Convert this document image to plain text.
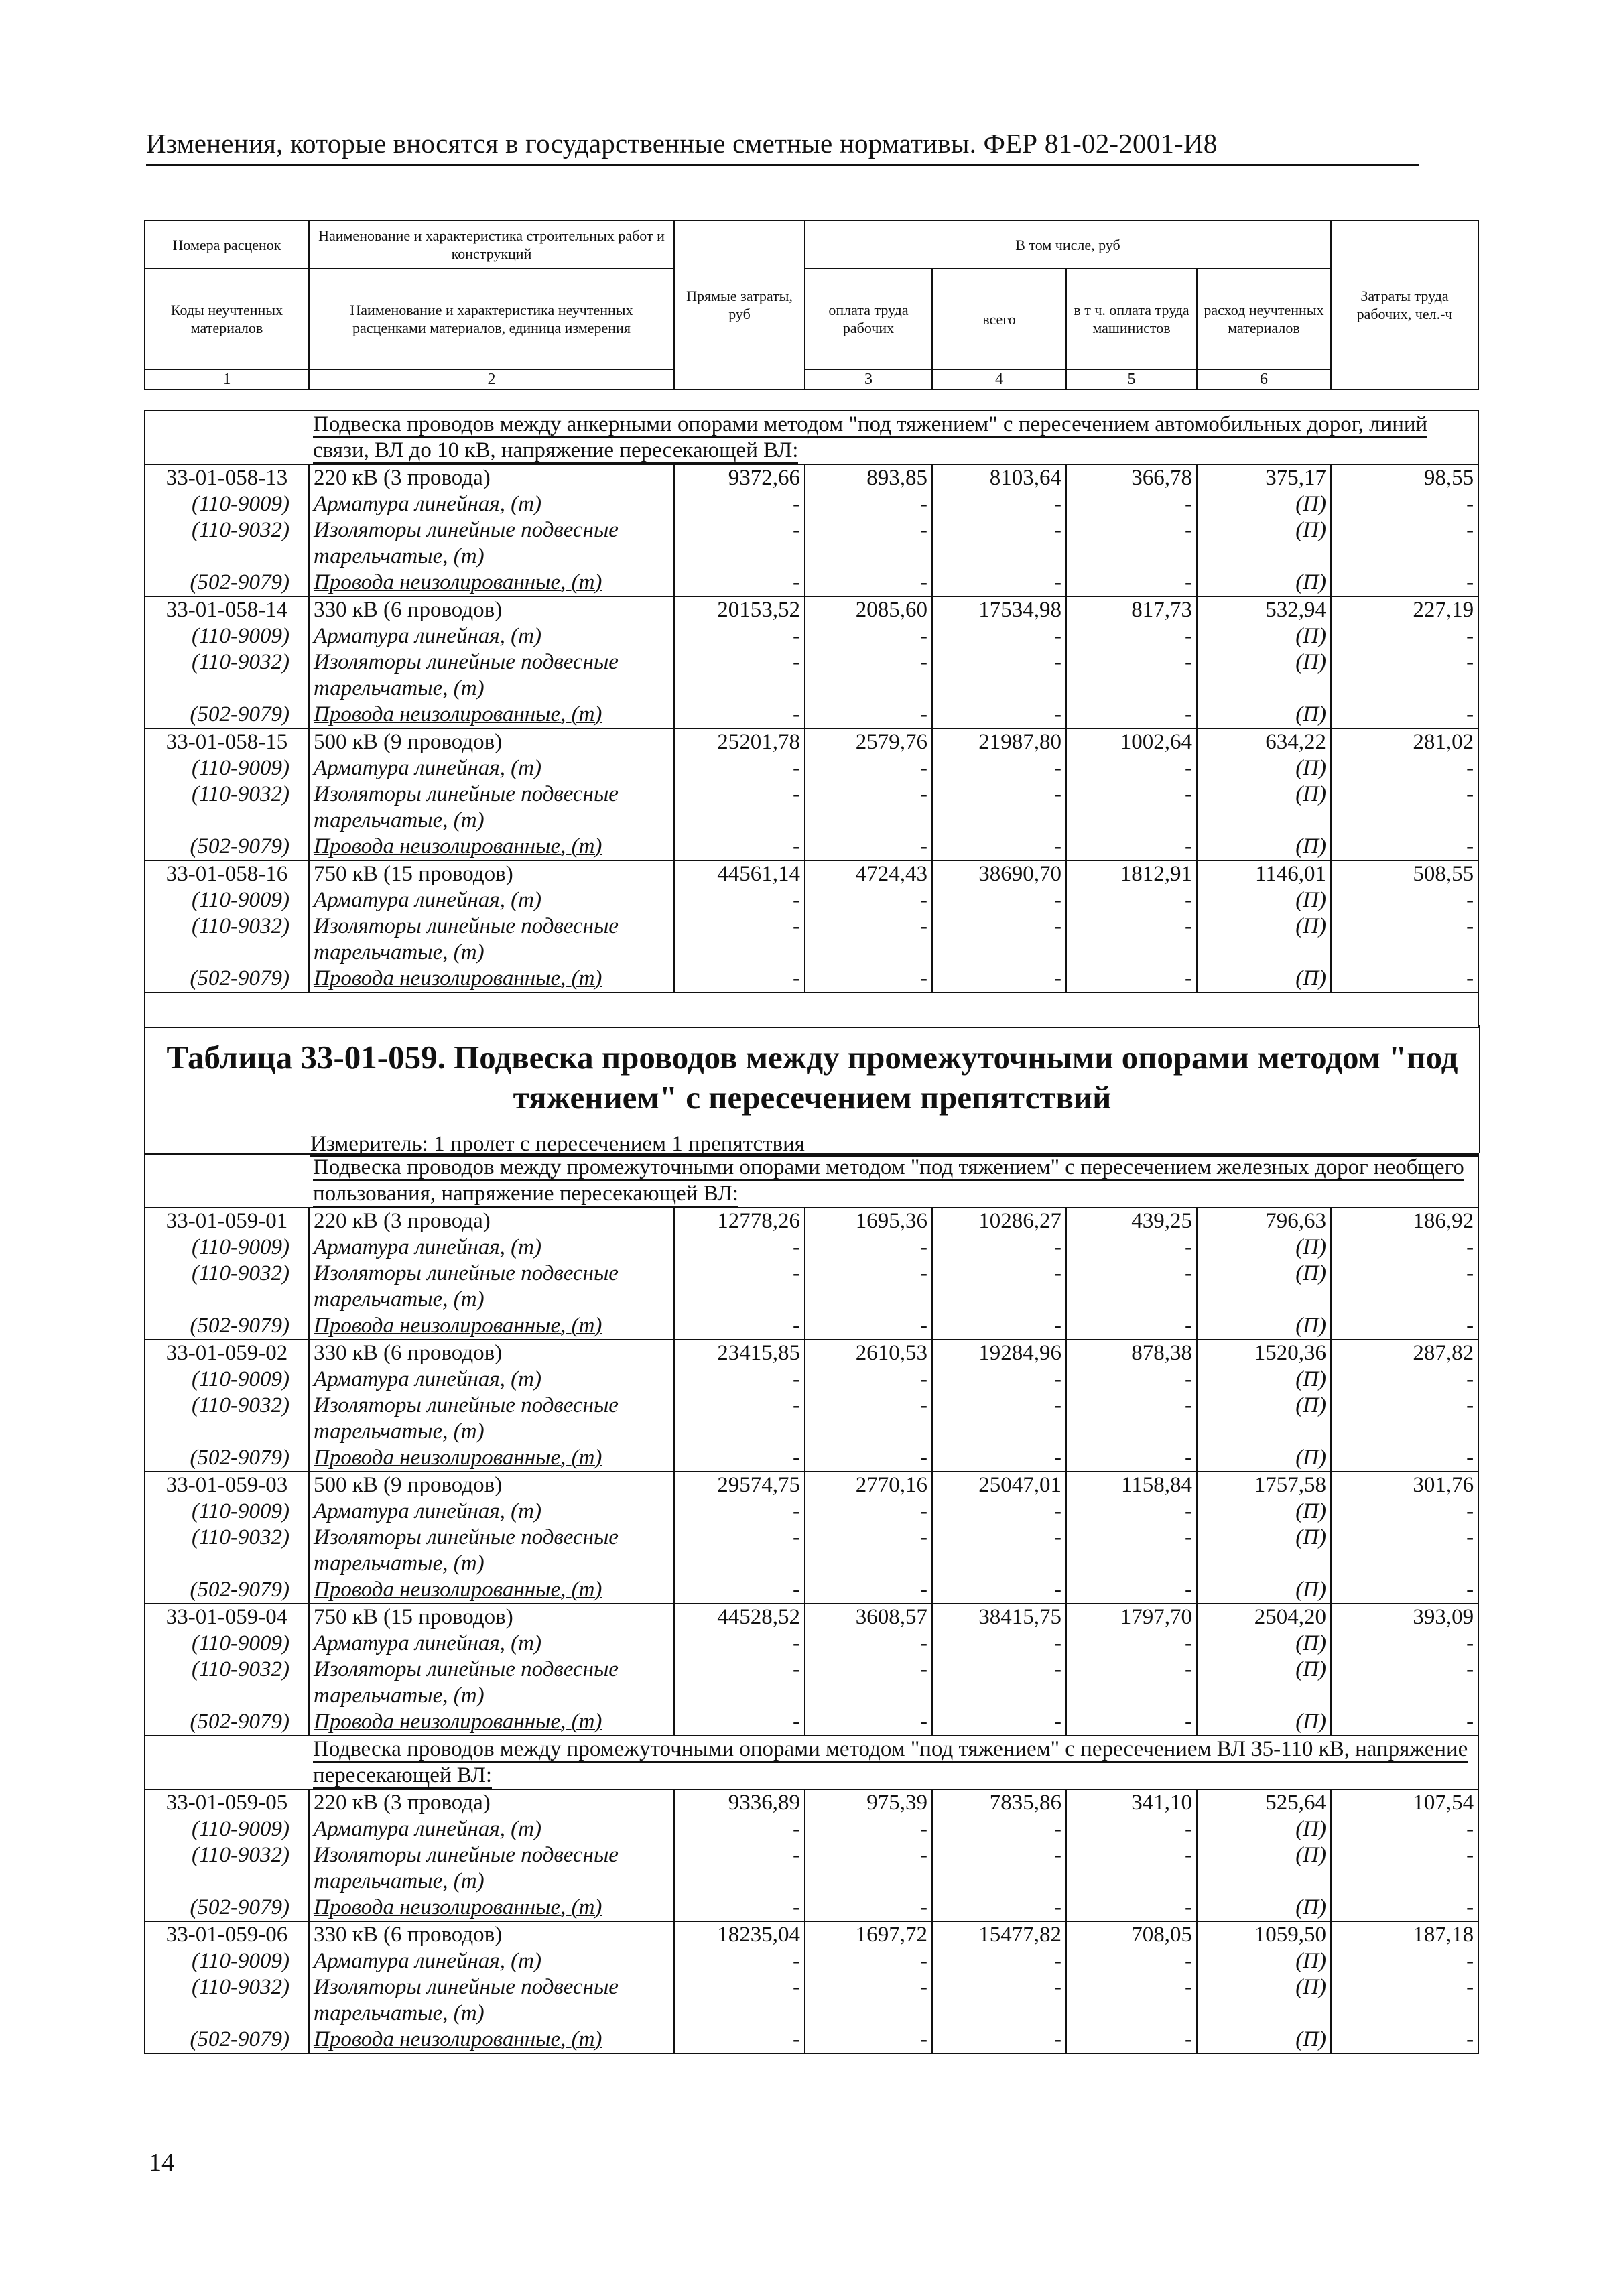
Изменения, которые вносятся в государственные сметные нормативы. ФЕР 81-02-2001-И8
Номера расценок	Наименование и характеристика строительных работ и конструкций	Прямые затраты, руб	В том числе, руб				Затраты труда рабочих, чел.-ч	
Коды неучтенных материалов	Наименование и характеристика неучтенных расценками материалов, единица измерения		оплата труда рабочих	всего	в т ч. оплата труда машинистов	расход неучтенных материалов		
1	2		3	4	5	6		
	Подвеска проводов между анкерными опорами методом "под тяжением" с пересечением автомобильных дорог, линий связи, ВЛ до 10 кВ, напряжение пересекающей ВЛ:						
33-01-058-13	220 кВ (3 провода)	9372,66	893,85	8103,64	366,78	375,17	98,55
(110-9009)	Арматура линейная, (т)	-	-	-	-	(П)	-
(110-9032)	Изоляторы линейные подвесные	-	-	-	-	(П)	-
	тарельчатые, (т)						
(502-9079)	Провода неизолированные, (т)	-	-	-	-	(П)	-
33-01-058-14	330 кВ (6 проводов)	20153,52	2085,60	17534,98	817,73	532,94	227,19
(110-9009)	Арматура линейная, (т)	-	-	-	-	(П)	-
(110-9032)	Изоляторы линейные подвесные	-	-	-	-	(П)	-
	тарельчатые, (т)						
(502-9079)	Провода неизолированные, (т)	-	-	-	-	(П)	-
33-01-058-15	500 кВ (9 проводов)	25201,78	2579,76	21987,80	1002,64	634,22	281,02
(110-9009)	Арматура линейная, (т)	-	-	-	-	(П)	-
(110-9032)	Изоляторы линейные подвесные	-	-	-	-	(П)	-
	тарельчатые, (т)						
(502-9079)	Провода неизолированные, (т)	-	-	-	-	(П)	-
33-01-058-16	750 кВ (15 проводов)	44561,14	4724,43	38690,70	1812,91	1146,01	508,55
(110-9009)	Арматура линейная, (т)	-	-	-	-	(П)	-
(110-9032)	Изоляторы линейные подвесные	-	-	-	-	(П)	-
	тарельчатые, (т)						
(502-9079)	Провода неизолированные, (т)	-	-	-	-	(П)	-

Таблица 33-01-059. Подвеска проводов между промежуточными опорами методом "под тяжением" с пересечением препятствий
Измеритель: 1 пролет с пересечением 1 препятствия
	Подвеска проводов между промежуточными опорами методом "под тяжением" с пересечением железных дорог необщего пользования, напряжение пересекающей ВЛ:						
33-01-059-01	220 кВ (3 провода)	12778,26	1695,36	10286,27	439,25	796,63	186,92
(110-9009)	Арматура линейная, (т)	-	-	-	-	(П)	-
(110-9032)	Изоляторы линейные подвесные	-	-	-	-	(П)	-
	тарельчатые, (т)						
(502-9079)	Провода неизолированные, (т)	-	-	-	-	(П)	-
33-01-059-02	330 кВ (6 проводов)	23415,85	2610,53	19284,96	878,38	1520,36	287,82
(110-9009)	Арматура линейная, (т)	-	-	-	-	(П)	-
(110-9032)	Изоляторы линейные подвесные	-	-	-	-	(П)	-
	тарельчатые, (т)						
(502-9079)	Провода неизолированные, (т)	-	-	-	-	(П)	-
33-01-059-03	500 кВ (9 проводов)	29574,75	2770,16	25047,01	1158,84	1757,58	301,76
(110-9009)	Арматура линейная, (т)	-	-	-	-	(П)	-
(110-9032)	Изоляторы линейные подвесные	-	-	-	-	(П)	-
	тарельчатые, (т)						
(502-9079)	Провода неизолированные, (т)	-	-	-	-	(П)	-
33-01-059-04	750 кВ (15 проводов)	44528,52	3608,57	38415,75	1797,70	2504,20	393,09
(110-9009)	Арматура линейная, (т)	-	-	-	-	(П)	-
(110-9032)	Изоляторы линейные подвесные	-	-	-	-	(П)	-
	тарельчатые, (т)						
(502-9079)	Провода неизолированные, (т)	-	-	-	-	(П)	-
	Подвеска проводов между промежуточными опорами методом "под тяжением" с пересечением ВЛ 35-110 кВ, напряжение пересекающей ВЛ:						
33-01-059-05	220 кВ (3 провода)	9336,89	975,39	7835,86	341,10	525,64	107,54
(110-9009)	Арматура линейная, (т)	-	-	-	-	(П)	-
(110-9032)	Изоляторы линейные подвесные	-	-	-	-	(П)	-
	тарельчатые, (т)						
(502-9079)	Провода неизолированные, (т)	-	-	-	-	(П)	-
33-01-059-06	330 кВ (6 проводов)	18235,04	1697,72	15477,82	708,05	1059,50	187,18
(110-9009)	Арматура линейная, (т)	-	-	-	-	(П)	-
(110-9032)	Изоляторы линейные подвесные	-	-	-	-	(П)	-
	тарельчатые, (т)						
(502-9079)	Провода неизолированные, (т)	-	-	-	-	(П)	-
14
